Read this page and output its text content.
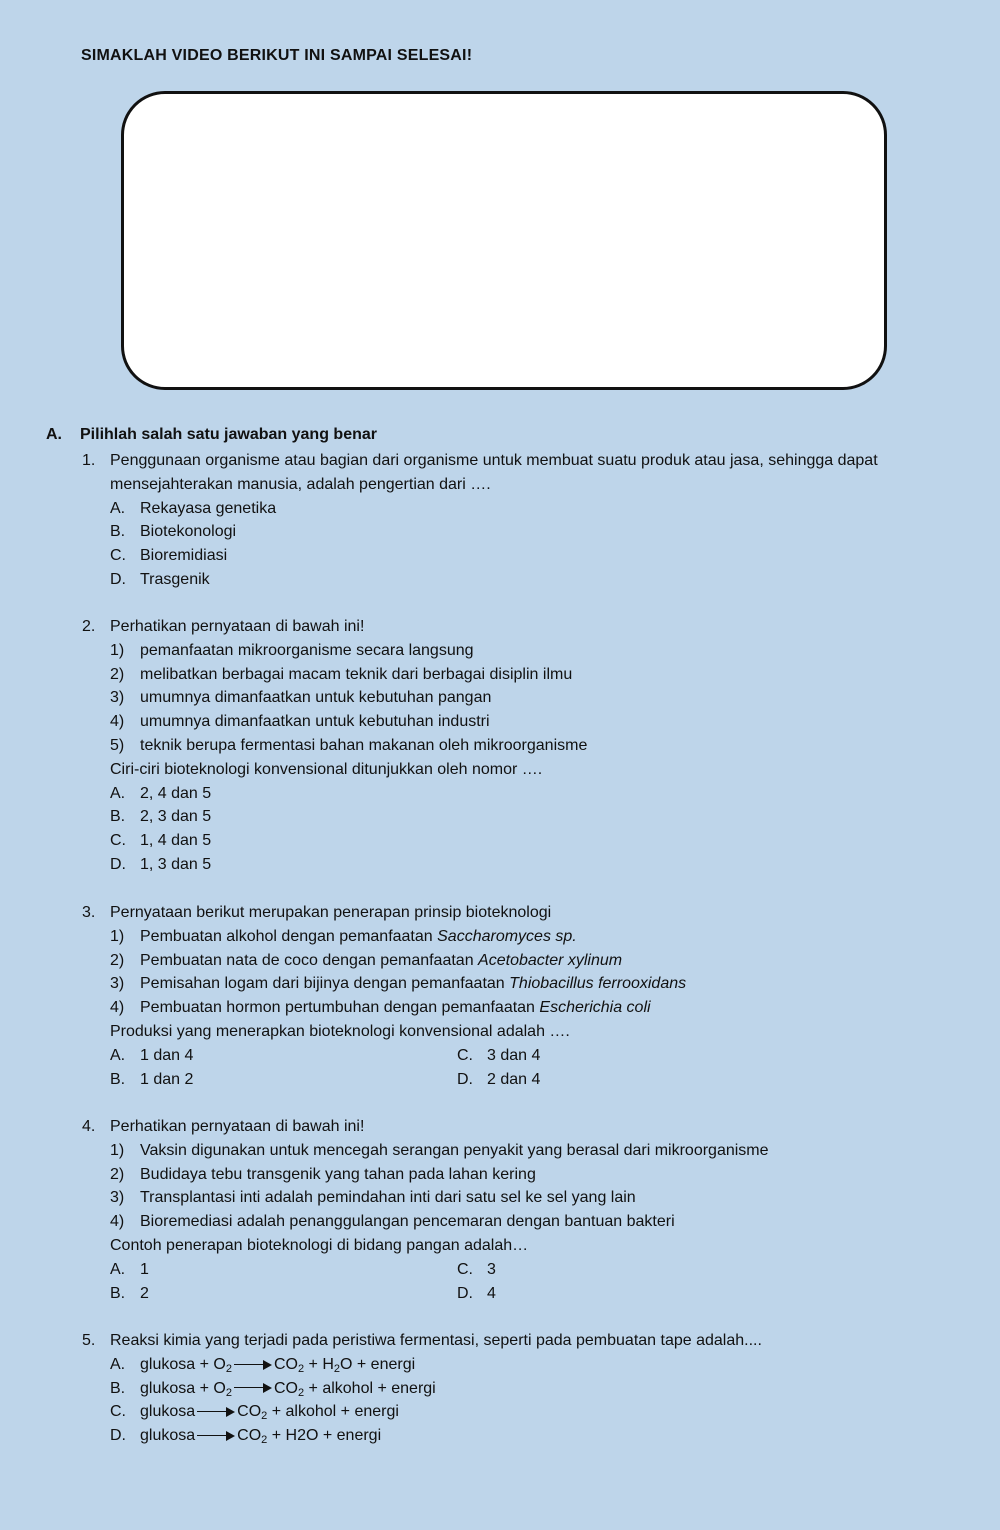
SIMAKLAH VIDEO BERIKUT INI SAMPAI SELESAI!
A. Pilihlah salah satu jawaban yang benar
1. Penggunaan organisme atau bagian dari organisme untuk membuat suatu produk atau jasa, sehingga dapat mensejahterakan manusia, adalah pengertian dari ….
A. Rekayasa genetika
B. Biotekonologi
C. Bioremidiasi
D. Trasgenik
2. Perhatikan pernyataan di bawah ini!
1) pemanfaatan mikroorganisme secara langsung
2) melibatkan berbagai macam teknik dari berbagai disiplin ilmu
3) umumnya dimanfaatkan untuk kebutuhan pangan
4) umumnya dimanfaatkan untuk kebutuhan industri
5) teknik berupa fermentasi bahan makanan oleh mikroorganisme
Ciri-ciri bioteknologi konvensional ditunjukkan oleh nomor ….
A. 2, 4 dan 5
B. 2, 3 dan 5
C. 1, 4 dan 5
D. 1, 3 dan 5
3. Pernyataan berikut merupakan penerapan prinsip bioteknologi
1) Pembuatan alkohol dengan pemanfaatan Saccharomyces sp.
2) Pembuatan nata de coco dengan pemanfaatan Acetobacter xylinum
3) Pemisahan logam dari bijinya dengan pemanfaatan Thiobacillus ferrooxidans
4) Pembuatan hormon pertumbuhan dengan pemanfaatan Escherichia coli
Produksi yang menerapkan bioteknologi konvensional adalah ….
A. 1 dan 4	C. 3 dan 4
B. 1 dan 2	D. 2 dan 4
4. Perhatikan pernyataan di bawah ini!
1) Vaksin digunakan untuk mencegah serangan penyakit yang berasal dari mikroorganisme
2) Budidaya tebu transgenik yang tahan pada lahan kering
3) Transplantasi inti adalah pemindahan inti dari satu sel ke sel yang lain
4) Bioremediasi adalah penanggulangan pencemaran dengan bantuan bakteri
Contoh penerapan bioteknologi di bidang pangan adalah…
A. 1	C. 3
B. 2	D. 4
5. Reaksi kimia yang terjadi pada peristiwa fermentasi, seperti pada pembuatan tape adalah....
A. glukosa + $O_2$	$CO_2 + H_2O$ + energi
B. glukosa + $O_2$	$CO_2$ + alkohol + energi
C. glukosa	$CO_2$ + alkohol + energi
D. glukosa	$CO_2 + H2O$ + energi
